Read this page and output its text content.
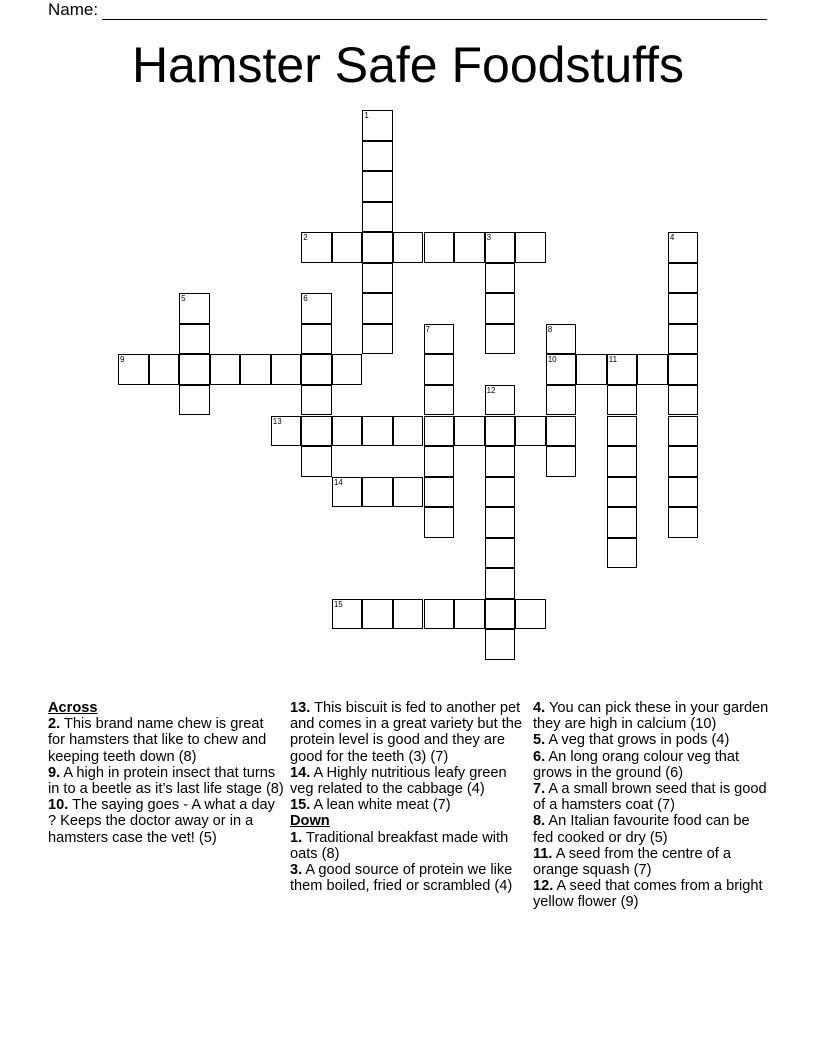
Name:
Hamster Safe Foodstuffs
1
2	3	4
5	6
7	8
9	10	11
12
13
14
15
Across
2. This brand name chew is great for hamsters that like to chew and keeping teeth down (8)
9. A high in protein insect that turns in to a beetle as it’s last life stage (8)
10. The saying goes - A what a day ? Keeps the doctor away or in a hamsters case the vet! (5)
13. This biscuit is fed to another pet and comes in a great variety but the protein level is good and they are good for the teeth (3) (7)
14. A Highly nutritious leafy green veg related to the cabbage (4)
15. A lean white meat (7)
Down
1. Traditional breakfast made with oats (8)
3. A good source of protein we like them boiled, fried or scrambled (4)
4. You can pick these in your garden they are high in calcium (10)
5. A veg that grows in pods (4)
6. An long orang colour veg that grows in the ground (6)
7. A a small brown seed that is good of a hamsters coat (7)
8. An Italian favourite food can be fed cooked or dry (5)
11. A seed from the centre of a orange squash (7)
12. A seed that comes from a bright yellow flower (9)
